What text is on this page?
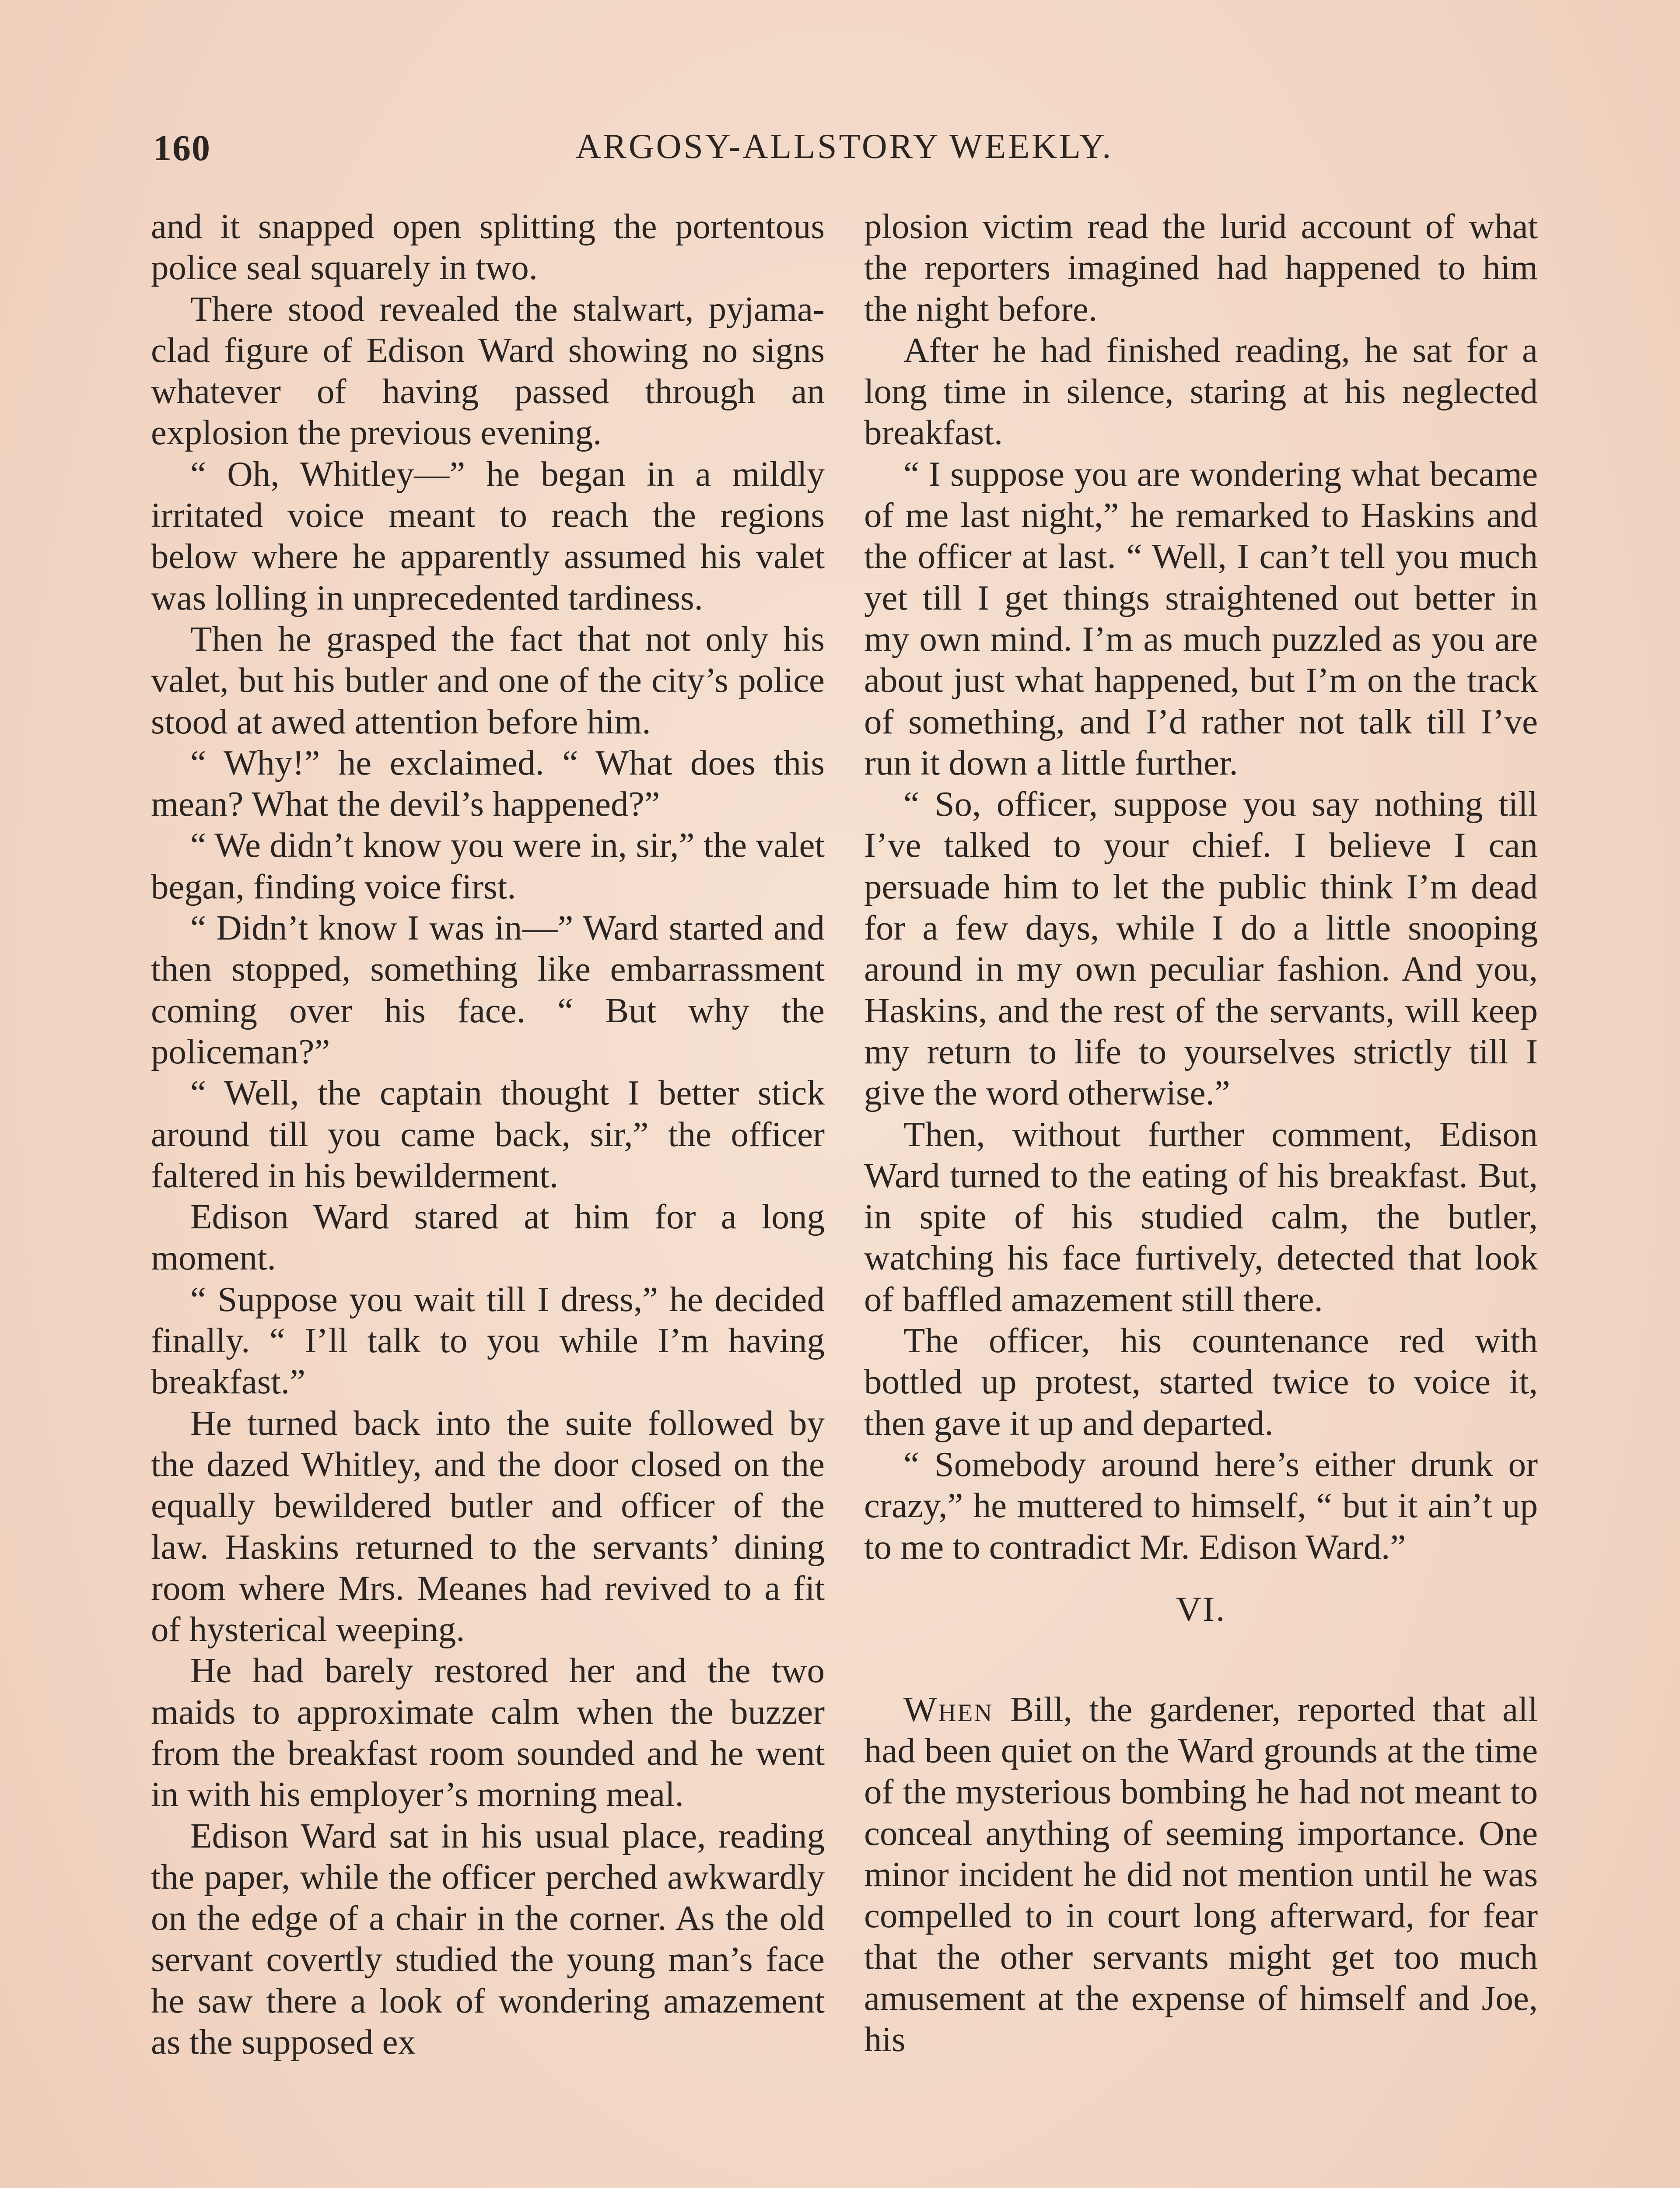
160	ARGOSY-ALLSTORY WEEKLY.

and it snapped open splitting the portentous police seal squarely in two.

There stood revealed the stalwart, pyjama-clad figure of Edison Ward showing no signs whatever of having passed through an explosion the previous evening.

“ Oh, Whitley—” he began in a mildly irritated voice meant to reach the regions below where he apparently assumed his valet was lolling in unprecedented tardiness.

Then he grasped the fact that not only his valet, but his butler and one of the city’s police stood at awed attention before him.

“ Why!” he exclaimed. “ What does this mean? What the devil’s happened?”

“ We didn’t know you were in, sir,” the valet began, finding voice first.

“ Didn’t know I was in—” Ward started and then stopped, something like embarrassment coming over his face. “ But why the policeman?”

“ Well, the captain thought I better stick around till you came back, sir,” the officer faltered in his bewilderment.

Edison Ward stared at him for a long moment.

“ Suppose you wait till I dress,” he decided finally. “ I’ll talk to you while I’m having breakfast.”

He turned back into the suite followed by the dazed Whitley, and the door closed on the equally bewildered butler and officer of the law. Haskins returned to the servants’ dining room where Mrs. Meanes had revived to a fit of hysterical weeping.

He had barely restored her and the two maids to approximate calm when the buzzer from the breakfast room sounded and he went in with his employer’s morning meal.

Edison Ward sat in his usual place, reading the paper, while the officer perched awkwardly on the edge of a chair in the corner. As the old servant covertly studied the young man’s face he saw there a look of wondering amazement as the supposed ex

plosion victim read the lurid account of what the reporters imagined had happened to him the night before.

After he had finished reading, he sat for a long time in silence, staring at his neglected breakfast.

“ I suppose you are wondering what became of me last night,” he remarked to Haskins and the officer at last. “ Well, I can’t tell you much yet till I get things straightened out better in my own mind. I’m as much puzzled as you are about just what happened, but I’m on the track of something, and I’d rather not talk till I’ve run it down a little further.

“ So, officer, suppose you say nothing till I’ve talked to your chief. I believe I can persuade him to let the public think I’m dead for a few days, while I do a little snooping around in my own peculiar fashion. And you, Haskins, and the rest of the servants, will keep my return to life to yourselves strictly till I give the word otherwise.”

Then, without further comment, Edison Ward turned to the eating of his breakfast. But, in spite of his studied calm, the butler, watching his face furtively, detected that look of baffled amazement still there.

The officer, his countenance red with bottled up protest, started twice to voice it, then gave it up and departed.

“ Somebody around here’s either drunk or crazy,” he muttered to himself, “ but it ain’t up to me to contradict Mr. Edison Ward.”

VI.

When Bill, the gardener, reported that all had been quiet on the Ward grounds at the time of the mysterious bombing he had not meant to conceal anything of seeming importance. One minor incident he did not mention until he was compelled to in court long afterward, for fear that the other servants might get too much amusement at the expense of himself and Joe, his
